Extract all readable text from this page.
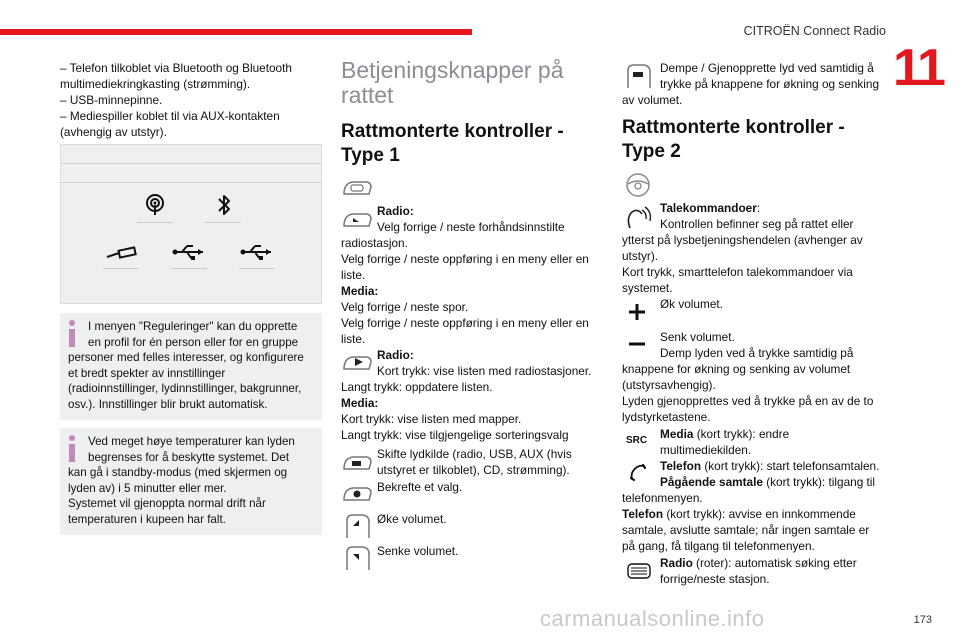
CITROËN Connect Radio
11

– Telefon tilkoblet via Bluetooth og Bluetooth

multimediekringkasting (strømming).

– USB-minnepinne.

– Mediespiller koblet til via AUX-kontakten

(avhengig av utstyr).

I menyen "Reguleringer" kan du opprette

en profil for én person eller for en gruppe

personer med felles interesser, og konfigurere

et bredt spekter av innstillinger

(radioinnstillinger, lydinnstillinger, bakgrunner,

osv.). Innstillinger blir brukt automatisk.

Ved meget høye temperaturer kan lyden

begrenses for å beskytte systemet. Det

kan gå i standby-modus (med skjermen og

lyden av) i 5 minutter eller mer.

Systemet vil gjenoppta normal drift når

temperaturen i kupeen har falt.

Betjeningsknapper på
rattet
Rattmonterte kontroller -
Type 1

Radio:

Velg forrige / neste forhåndsinnstilte

radiostasjon.

Velg forrige / neste oppføring i en meny eller en

liste.

Media:

Velg forrige / neste spor.

Velg forrige / neste oppføring i en meny eller en

liste.

Radio:

Kort trykk: vise listen med radiostasjoner.

Langt trykk: oppdatere listen.

Media:

Kort trykk: vise listen med mapper.

Langt trykk: vise tilgjengelige sorteringsvalg

Skifte lydkilde (radio, USB, AUX (hvis

utstyret er tilkoblet), CD, strømming).

Bekrefte et valg.

Øke volumet.

Senke volumet.

Dempe / Gjenopprette lyd ved samtidig å

trykke på knappene for økning og senking

av volumet.

Rattmonterte kontroller -
Type 2

Talekommandoer:

Kontrollen befinner seg på rattet eller

ytterst på lysbetjeningshendelen (avhenger av

utstyr).

Kort trykk, smarttelefon talekommandoer via

systemet.

Øk volumet.

Senk volumet.

Demp lyden ved å trykke samtidig på

knappene for økning og senking av volumet

(utstyrsavhengig).

Lyden gjenopprettes ved å trykke på en av de to

lydstyrketastene.

SRC	Media (kort trykk): endre

multimediekilden.

Telefon (kort trykk): start telefonsamtalen.

Pågående samtale (kort trykk): tilgang til

telefonmenyen.

Telefon (kort trykk): avvise en innkommende

samtale, avslutte samtale; når ingen samtale er

på gang, få tilgang til telefonmenyen.

Radio (roter): automatisk søking etter

forrige/neste stasjon.

carmanualsonline.info	173
